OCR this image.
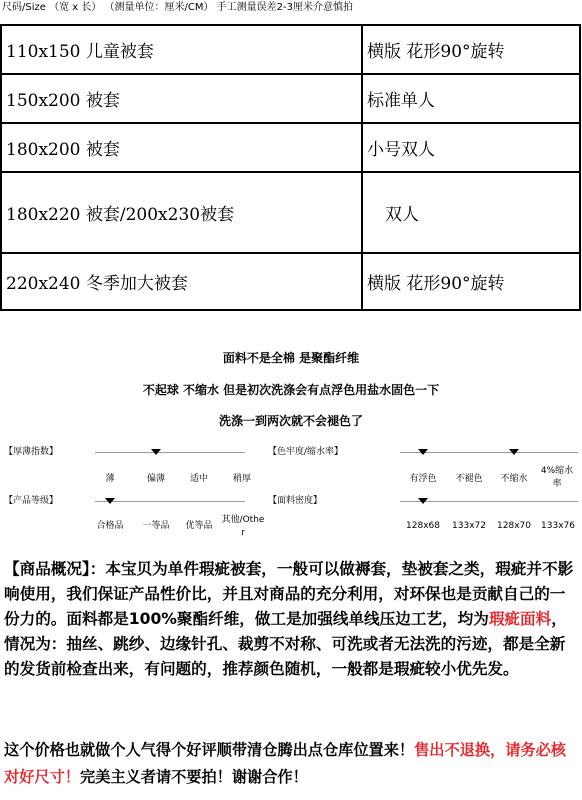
尺码/Size （宽 x 长） （测量单位：厘米/CM） 手工测量误差2-3厘米介意慎拍
110x150 儿童被套	横版 花形90°旋转
150x200 被套	标准单人
180x200 被套	小号双人
180x220 被套/200x230被套	双人
220x240 冬季加大被套	横版 花形90°旋转
面料不是全棉 是聚酯纤维
不起球 不缩水 但是初次洗涤会有点浮色用盐水固色一下
洗涤一到两次就不会褪色了
【厚薄指数】
薄	偏薄	适中	稍厚
【色牢度/缩水率】
有浮色 不褪色 不缩水
4%缩水率
【产品等级】
合格品 一等品 优等品
其他/Other
【面料密度】
128x68 133x72 128x70 133x76
【商品概况】：本宝贝为单件瑕疵被套，一般可以做褥套，垫被套之类，瑕疵并不影响使用，我们保证产品性价比，并且对商品的充分利用，对环保也是贡献自己的一份力的。面料都是100%聚酯纤维，做工是加强线单线压边工艺，均为瑕疵面料，情况为：抽丝、跳纱、边缘针孔、裁剪不对称、可洗或者无法洗的污迹，都是全新的发货前检查出来，有问题的，推荐颜色随机，一般都是瑕疵较小优先发。
这个价格也就做个人气得个好评顺带清仓腾出点仓库位置来！售出不退换，请务必核对好尺寸！完美主义者请不要拍！谢谢合作！
